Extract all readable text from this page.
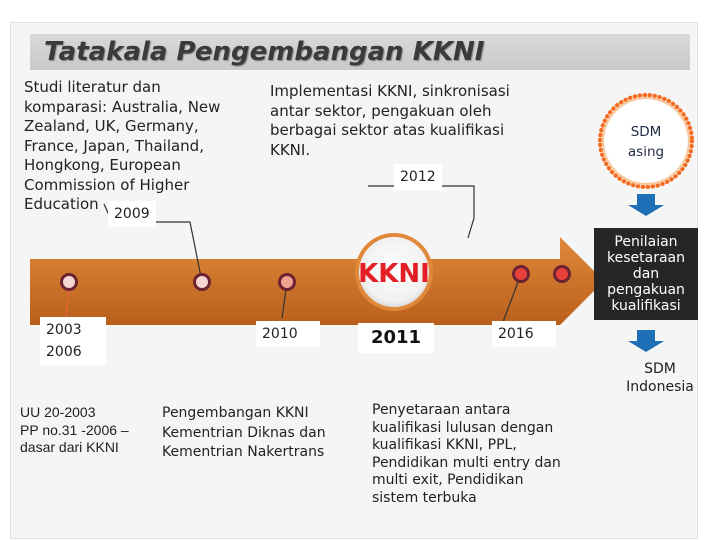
Tatakala Pengembangan KKNI

Studi literatur dan
komparasi: Australia, New
Zealand, UK, Germany,
France, Japan, Thailand,
Hongkong, European
Commission of Higher
Education

2009

Implementasi KKNI, sinkronisasi
antar sektor, pengakuan oleh
berbagai sektor atas kualifikasi
KKNI.

2012
KKNI
2003
2006
2010	2011	2016
SDM
asing
Penilaian
kesetaraan
dan
pengakuan
kualifikasi
SDM
Indonesia

UU 20-2003
PP no.31 -2006 –
dasar dari KKNI

Pengembangan KKNI
Kementrian Diknas dan
Kementrian Nakertrans

Penyetaraan antara
kualifikasi lulusan dengan
kualifikasi KKNI, PPL,
Pendidikan multi entry dan
multi exit, Pendidikan
sistem terbuka
